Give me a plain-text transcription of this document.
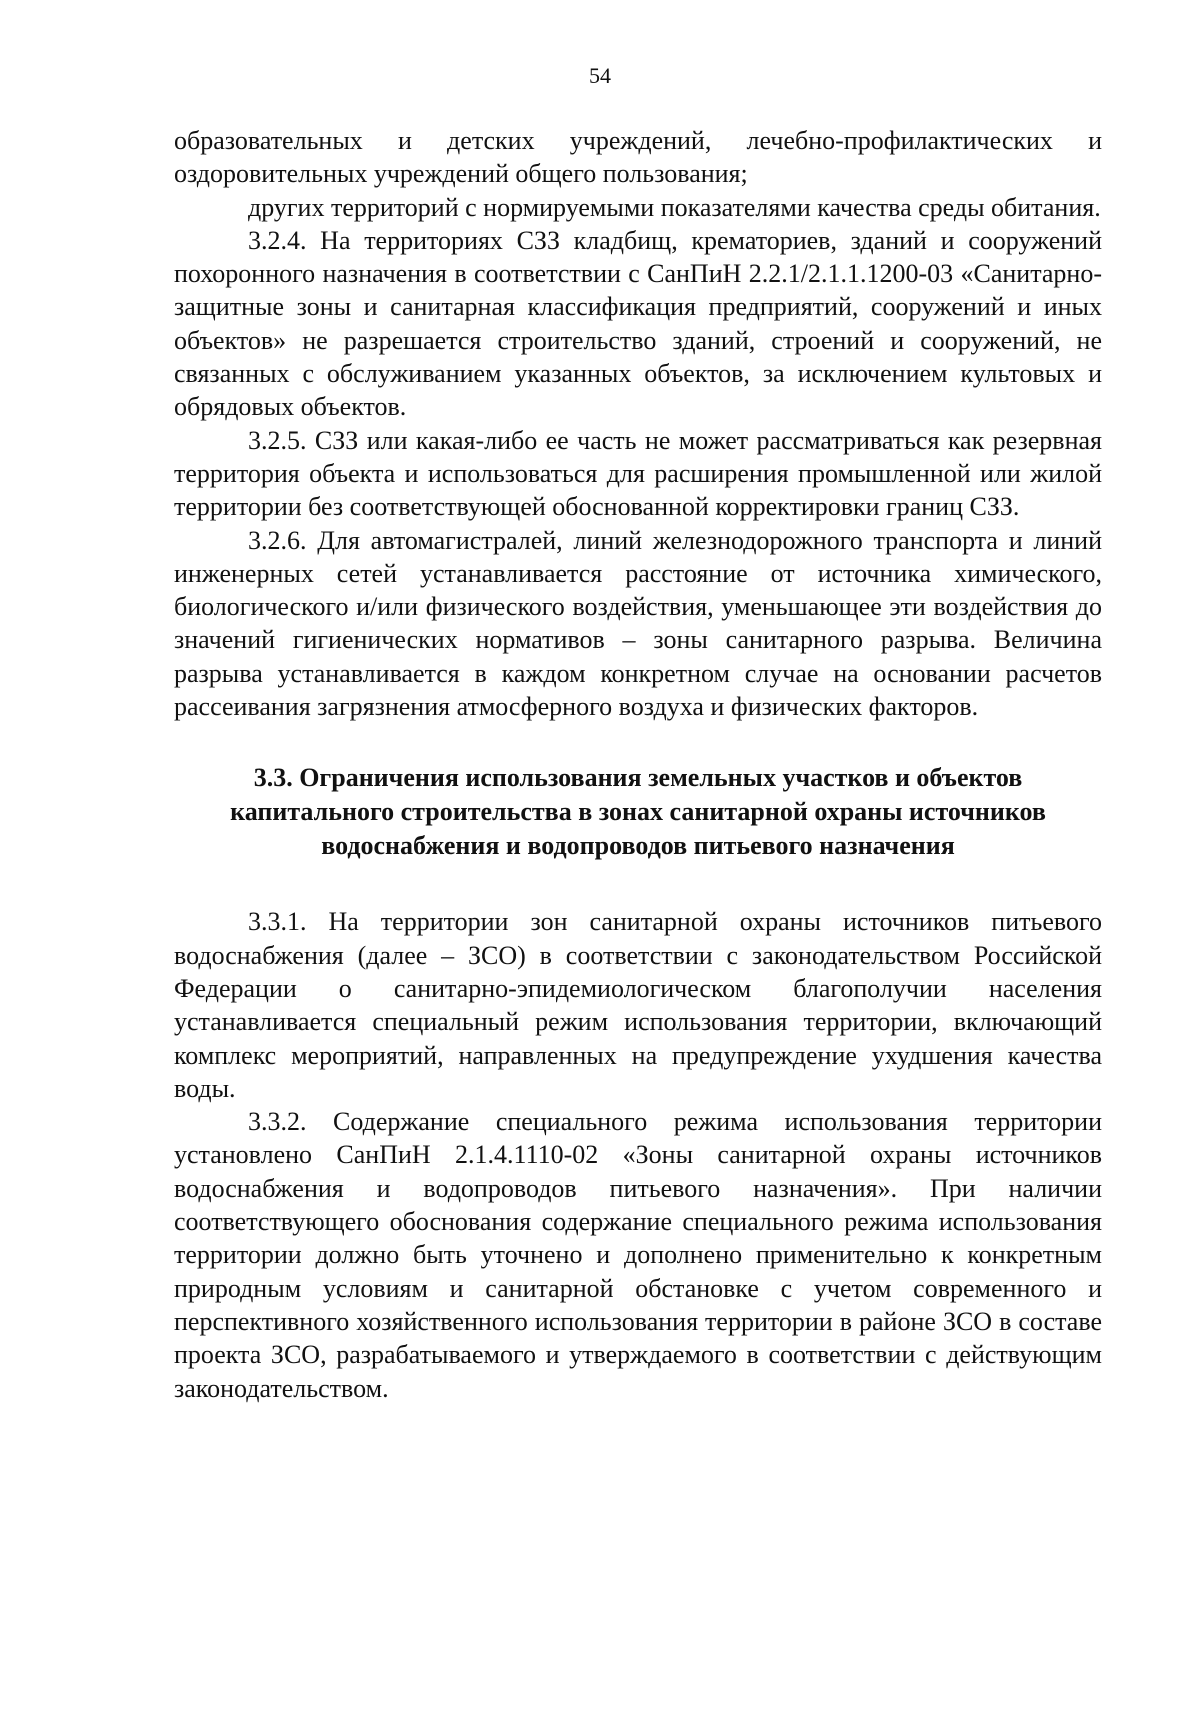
54

образовательных и детских учреждений, лечебно-профилактических и оздоровительных учреждений общего пользования;

других территорий с нормируемыми показателями качества среды обитания.

3.2.4. На территориях СЗЗ кладбищ, крематориев, зданий и сооружений похоронного назначения в соответствии с СанПиН 2.2.1/2.1.1.1200-03 «Санитарно-защитные зоны и санитарная классификация предприятий, сооружений и иных объектов» не разрешается строительство зданий, строений и сооружений, не связанных с обслуживанием указанных объектов, за исключением культовых и обрядовых объектов.

3.2.5. СЗЗ или какая-либо ее часть не может рассматриваться как резервная территория объекта и использоваться для расширения промышленной или жилой территории без соответствующей обоснованной корректировки границ СЗЗ.

3.2.6. Для автомагистралей, линий железнодорожного транспорта и линий инженерных сетей устанавливается расстояние от источника химического, биологического и/или физического воздействия, уменьшающее эти воздействия до значений гигиенических нормативов – зоны санитарного разрыва. Величина разрыва устанавливается в каждом конкретном случае на основании расчетов рассеивания загрязнения атмосферного воздуха и физических факторов.

3.3. Ограничения использования земельных участков и объектов
капитального строительства в зонах санитарной охраны источников
водоснабжения и водопроводов питьевого назначения

3.3.1. На территории зон санитарной охраны источников питьевого водоснабжения (далее – ЗСО) в соответствии с законодательством Российской Федерации о санитарно-эпидемиологическом благополучии населения устанавливается специальный режим использования территории, включающий комплекс мероприятий, направленных на предупреждение ухудшения качества воды.

3.3.2. Содержание специального режима использования территории установлено СанПиН 2.1.4.1110-02 «Зоны санитарной охраны источников водоснабжения и водопроводов питьевого назначения». При наличии соответствующего обоснования содержание специального режима использования территории должно быть уточнено и дополнено применительно к конкретным природным условиям и санитарной обстановке с учетом современного и перспективного хозяйственного использования территории в районе ЗСО в составе проекта ЗСО, разрабатываемого и утверждаемого в соответствии с действующим законодательством.
